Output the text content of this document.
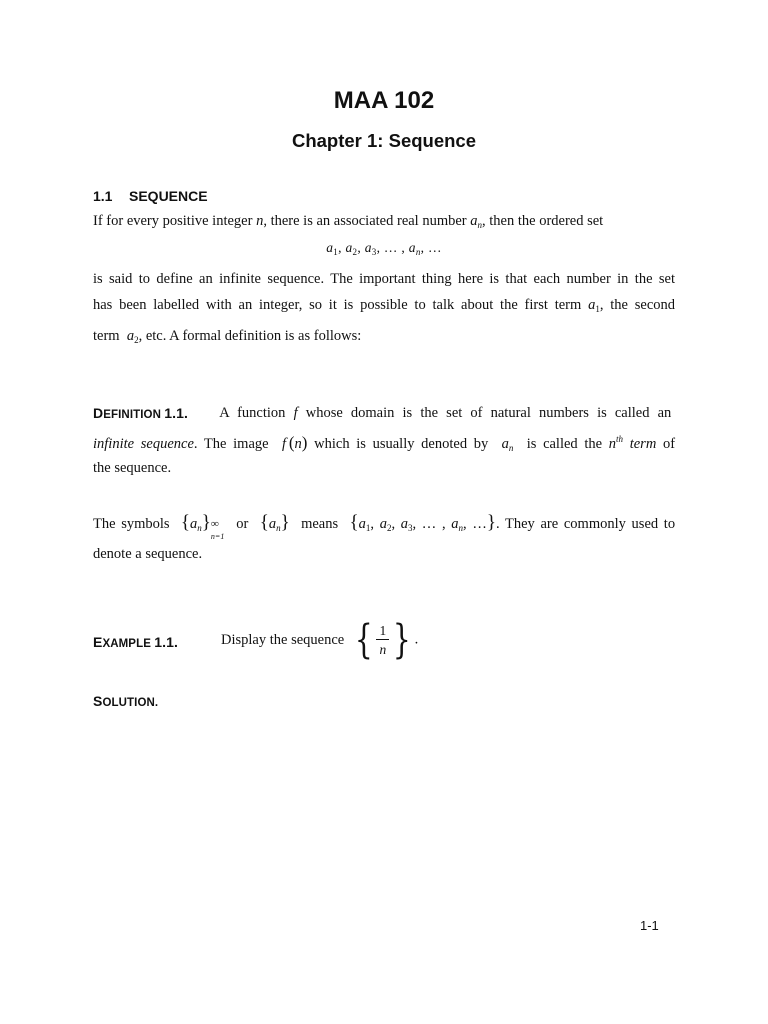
MAA 102
Chapter 1: Sequence
1.1 SEQUENCE
If for every positive integer n, there is an associated real number $a_n$, then the ordered set
$a_1$, $a_2$, $a_3$, … , $a_n$, …
is said to define an infinite sequence. The important thing here is that each number in the set
has been labelled with an integer, so it is possible to talk about the first term $a_1$, the second
term $a_2$, etc. A formal definition is as follows:
DEFINITION 1.1. A function f whose domain is the set of natural numbers is called an
infinite sequence. The image f  (n) which is usually denoted by $a_n$ is called the $n^{th}$ term of
the sequence.
The symbols $\{a_n\}$ ∞
n=1
or $\{a_n\}$ means {$a_1$, $a_2$, $a_3$, … , $a_n$, …}. They are commonly used to
denote a sequence.
EXAMPLE 1.1.	Display the sequence { $\frac{1}{n}$ } .
SOLUTION.
1-1
